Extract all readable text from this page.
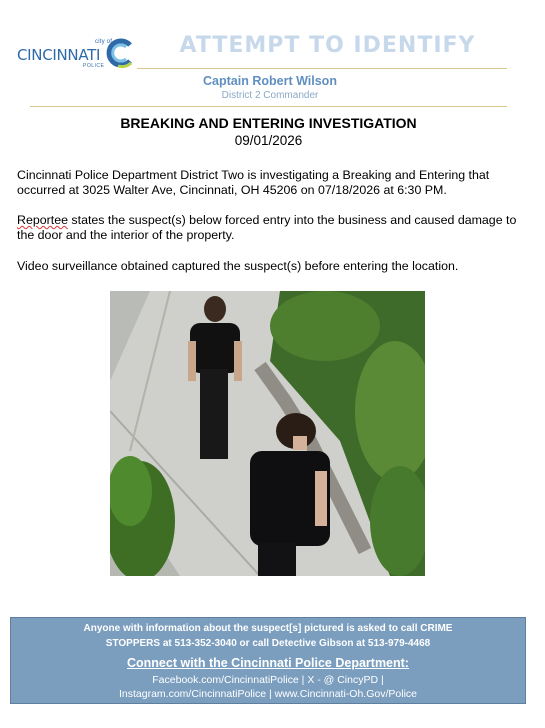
city of
CINCINNATI
POLICE
ATTEMPT TO IDENTIFY
Captain Robert Wilson
District 2 Commander
BREAKING AND ENTERING INVESTIGATION
09/01/2026
Cincinnati Police Department District Two is investigating a Breaking and Entering that occurred at 3025 Walter Ave, Cincinnati, OH 45206 on 07/18/2026 at 6:30 PM.
Reportee states the suspect(s) below forced entry into the business and caused damage to the door and the interior of the property.
Video surveillance obtained captured the suspect(s) before entering the location.
Anyone with information about the suspect[s] pictured is asked to call CRIME
STOPPERS at 513-352-3040 or call Detective Gibson at 513-979-4468
Connect with the Cincinnati Police Department:
Facebook.com/CincinnatiPolice | X - @ CincyPD |
Instagram.com/CincinnatiPolice | www.Cincinnati-Oh.Gov/Police
